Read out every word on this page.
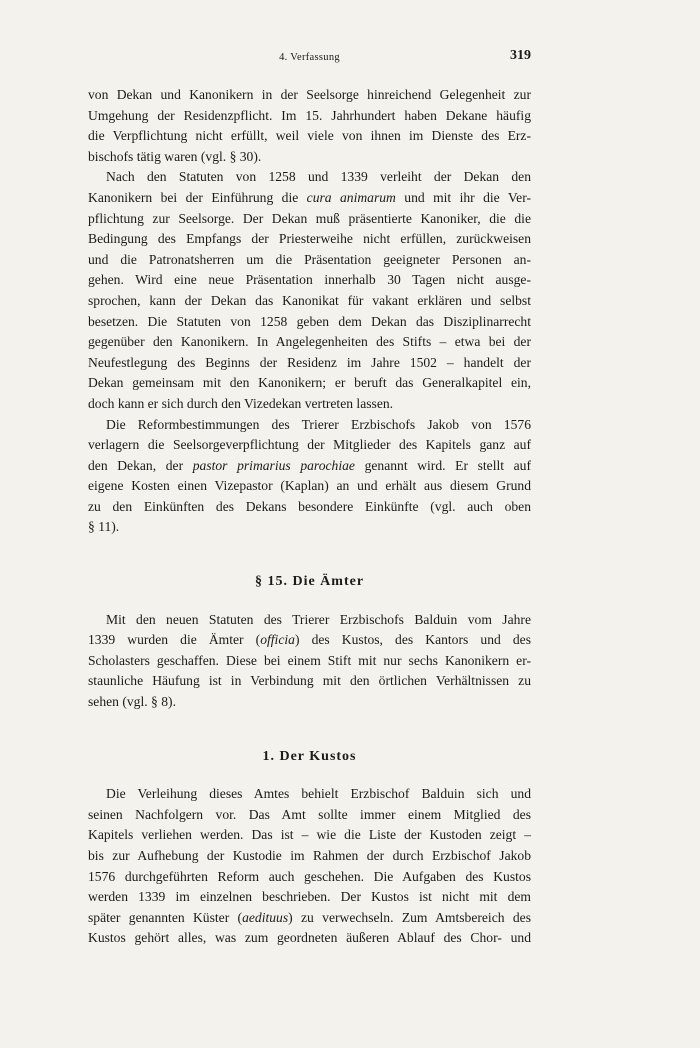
4. Verfassung	319

von Dekan und Kanonikern in der Seelsorge hinreichend Gelegenheit zur
Umgehung der Residenzpflicht. Im 15. Jahrhundert haben Dekane häufig
die Verpflichtung nicht erfüllt, weil viele von ihnen im Dienste des Erz-
bischofs tätig waren (vgl. § 30).

Nach den Statuten von 1258 und 1339 verleiht der Dekan den
Kanonikern bei der Einführung die cura animarum und mit ihr die Ver-
pflichtung zur Seelsorge. Der Dekan muß präsentierte Kanoniker, die die
Bedingung des Empfangs der Priesterweihe nicht erfüllen, zurückweisen
und die Patronatsherren um die Präsentation geeigneter Personen an-
gehen. Wird eine neue Präsentation innerhalb 30 Tagen nicht ausge-
sprochen, kann der Dekan das Kanonikat für vakant erklären und selbst
besetzen. Die Statuten von 1258 geben dem Dekan das Disziplinarrecht
gegenüber den Kanonikern. In Angelegenheiten des Stifts – etwa bei der
Neufestlegung des Beginns der Residenz im Jahre 1502 – handelt der
Dekan gemeinsam mit den Kanonikern; er beruft das Generalkapitel ein,
doch kann er sich durch den Vizedekan vertreten lassen.

Die Reformbestimmungen des Trierer Erzbischofs Jakob von 1576
verlagern die Seelsorgeverpflichtung der Mitglieder des Kapitels ganz auf
den Dekan, der pastor primarius parochiae genannt wird. Er stellt auf
eigene Kosten einen Vizepastor (Kaplan) an und erhält aus diesem Grund
zu den Einkünften des Dekans besondere Einkünfte (vgl. auch oben
§ 11).

§ 15. Die Ämter

Mit den neuen Statuten des Trierer Erzbischofs Balduin vom Jahre
1339 wurden die Ämter (officia) des Kustos, des Kantors und des
Scholasters geschaffen. Diese bei einem Stift mit nur sechs Kanonikern er-
staunliche Häufung ist in Verbindung mit den örtlichen Verhältnissen zu
sehen (vgl. § 8).

1. Der Kustos

Die Verleihung dieses Amtes behielt Erzbischof Balduin sich und
seinen Nachfolgern vor. Das Amt sollte immer einem Mitglied des
Kapitels verliehen werden. Das ist – wie die Liste der Kustoden zeigt –
bis zur Aufhebung der Kustodie im Rahmen der durch Erzbischof Jakob
1576 durchgeführten Reform auch geschehen. Die Aufgaben des Kustos
werden 1339 im einzelnen beschrieben. Der Kustos ist nicht mit dem
später genannten Küster (aedituus) zu verwechseln. Zum Amtsbereich des
Kustos gehört alles, was zum geordneten äußeren Ablauf des Chor- und
